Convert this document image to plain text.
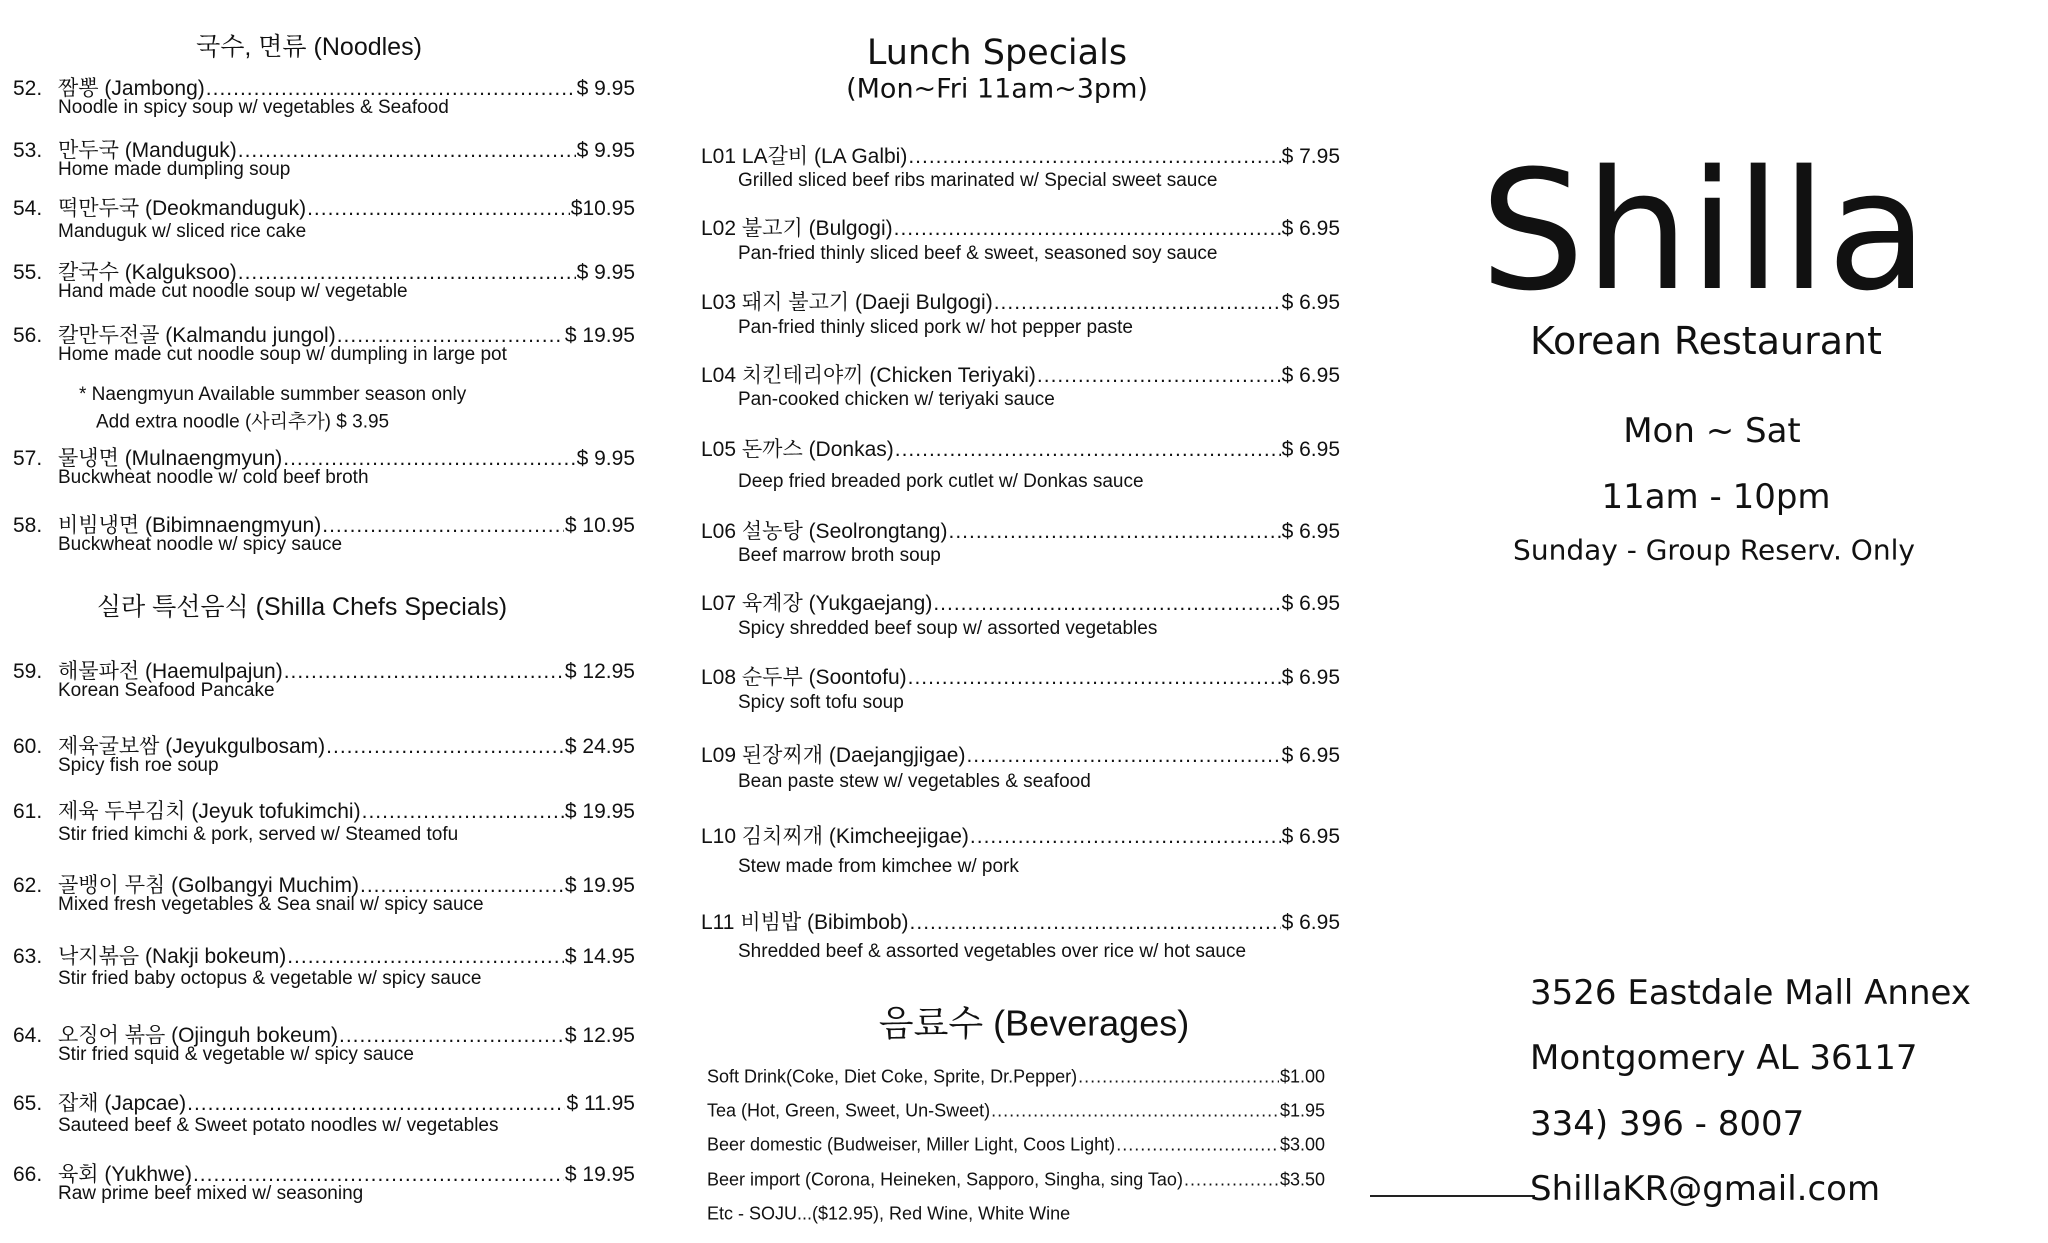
국수, 면류 (Noodles)
52. 짬뽕 (Jambong) .....	$ 9.95
Noodle in spicy soup w/ vegetables & Seafood
53. 만두국 (Manduguk) .....	$ 9.95
Home made dumpling soup
54. 떡만두국 (Deokmanduguk) .....	$10.95
Manduguk w/ sliced rice cake
55. 칼국수 (Kalguksoo) .....	$ 9.95
Hand made cut noodle soup w/ vegetable
56. 칼만두전골 (Kalmandu jungol) .....	$ 19.95
Home made cut noodle soup w/ dumpling in large pot
57. 물냉면 (Mulnaengmyun) .....	$ 9.95
Buckwheat noodle w/ cold beef broth
58. 비빔냉면 (Bibimnaengmyun) .....	$ 10.95
Buckwheat noodle w/ spicy sauce
* Naengmyun Available summber season only
Add extra noodle (사리추가) $ 3.95
실라 특선음식 (Shilla Chefs Specials)
59. 해물파전 (Haemulpajun) .....	$ 12.95
Korean Seafood Pancake
60. 제육굴보쌈 (Jeyukgulbosam) .....	$ 24.95
Spicy fish roe soup
61. 제육 두부김치 (Jeyuk tofukimchi) .....	$ 19.95
Stir fried kimchi & pork, served w/ Steamed tofu
62. 골뱅이 무침 (Golbangyi Muchim) .....	$ 19.95
Mixed fresh vegetables & Sea snail w/ spicy sauce
63. 낙지볶음 (Nakji bokeum) .....	$ 14.95
Stir fried baby octopus & vegetable w/ spicy sauce
64. 오징어 볶음 (Ojinguh bokeum) .....	$ 12.95
Stir fried squid & vegetable w/ spicy sauce
65. 잡채 (Japcae) .....	$ 11.95
Sauteed beef & Sweet potato noodles w/ vegetables
66. 육회 (Yukhwe) .....	$ 19.95
Raw prime beef mixed w/ seasoning
Lunch Specials
(Mon~Fri 11am~3pm)
L01 LA갈비 (LA Galbi) .....	$ 7.95
Grilled sliced beef ribs marinated w/ Special sweet sauce
L02 불고기 (Bulgogi) .....	$ 6.95
Pan-fried thinly sliced beef & sweet, seasoned soy sauce
L03 돼지 불고기 (Daeji Bulgogi) .....	$ 6.95
Pan-fried thinly sliced pork w/ hot pepper paste
L04 치킨테리야끼 (Chicken Teriyaki) .....	$ 6.95
Pan-cooked chicken w/ teriyaki sauce
L05 돈까스 (Donkas) .....	$ 6.95
Deep fried breaded pork cutlet w/ Donkas sauce
L06 설농탕 (Seolrongtang) .....	$ 6.95
Beef marrow broth soup
L07 육계장 (Yukgaejang) .....	$ 6.95
Spicy shredded beef soup w/ assorted vegetables
L08 순두부 (Soontofu) .....	$ 6.95
Spicy soft tofu soup
L09 된장찌개 (Daejangjigae) .....	$ 6.95
Bean paste stew w/ vegetables & seafood
L10 김치찌개 (Kimcheejigae) .....	$ 6.95
Stew made from kimchee w/ pork
L11 비빔밥 (Bibimbob) .....	$ 6.95
Shredded beef & assorted vegetables over rice w/ hot sauce
음료수 (Beverages)
Soft Drink(Coke, Diet Coke, Sprite, Dr.Pepper) .....	$1.00
Tea (Hot, Green, Sweet, Un-Sweet) .....	$1.95
Beer domestic (Budweiser, Miller Light, Coos Light) .....	$3.00
Beer import (Corona, Heineken, Sapporo, Singha, sing Tao) .....	$3.50
Etc - SOJU...($12.95), Red Wine, White Wine
Shilla
Korean Restaurant
Mon ~ Sat
11am - 10pm
Sunday - Group Reserv. Only
3526 Eastdale Mall Annex
Montgomery AL 36117
334) 396 - 8007
ShillaKR@gmail.com
